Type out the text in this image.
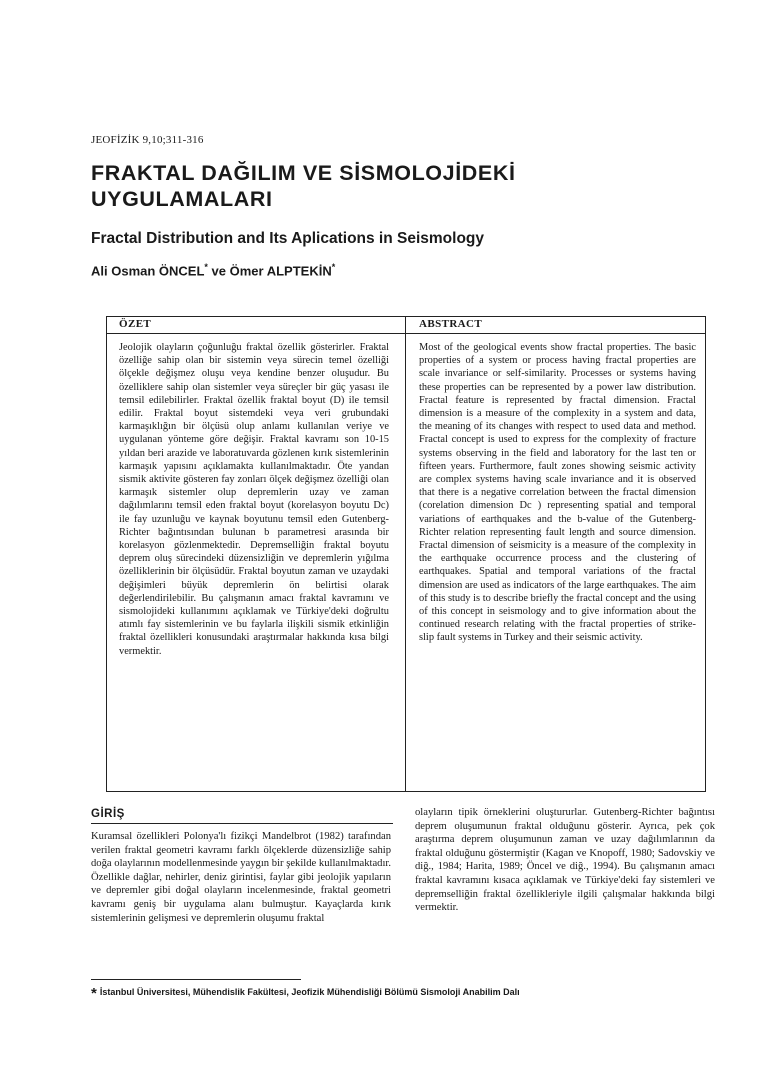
JEOFİZİK 9,10;311-316
FRAKTAL DAĞILIM VE SİSMOLOJİDEKİ UYGULAMALARI
Fractal Distribution and Its Aplications in Seismology
Ali Osman ÖNCEL* ve Ömer ALPTEKİN*
ÖZET

Jeolojik olayların çoğunluğu fraktal özellik gösterirler. Fraktal özelliğe sahip olan bir sistemin veya sürecin temel özelliği ölçekle değişmez oluşu veya kendine benzer oluşudur. Bu özelliklere sahip olan sistemler veya süreçler bir güç yasası ile temsil edilebilirler. Fraktal özellik fraktal boyut (D) ile temsil edilir. Fraktal boyut sistemdeki veya veri grubundaki karmaşıklığın bir ölçüsü olup anlamı kullanılan veriye ve uygulanan yönteme göre değişir. Fraktal kavramı son 10-15 yıldan beri arazide ve laboratuvarda gözlenen kırık sistemlerinin karmaşık yapısını açıklamakta kullanılmaktadır. Öte yandan sismik aktivite gösteren fay zonları ölçek değişmez özelliği olan karmaşık sistemler olup depremlerin uzay ve zaman dağılımlarını temsil eden fraktal boyut (korelasyon boyutu Dc) ile fay uzunluğu ve kaynak boyutunu temsil eden Gutenberg-Richter bağıntısından bulunan b parametresi arasında bir korelasyon gözlenmektedir. Depremselliğin fraktal boyutu deprem oluş sürecindeki düzensizliğin ve depremlerin yığılma özelliklerinin bir ölçüsüdür. Fraktal boyutun zaman ve uzaydaki değişimleri büyük depremlerin ön belirtisi olarak değerlendirilebilir. Bu çalışmanın amacı fraktal kavramını ve sismolojideki kullanımını açıklamak ve Türkiye'deki doğrultu atımlı fay sistemlerinin ve bu faylarla ilişkili sismik etkinliğin fraktal özellikleri konusundaki araştırmalar hakkında kısa bilgi vermektir.

ABSTRACT

Most of the geological events show fractal properties. The basic properties of a system or process having fractal properties are scale invariance or self-similarity. Processes or systems having these properties can be represented by a power law distribution. Fractal feature is represented by fractal dimension. Fractal dimension is a measure of the complexity in a system and data, the meaning of its changes with respect to used data and method. Fractal concept is used to express for the complexity of fracture systems observing in the field and laboratory for the last ten or fifteen years. Furthermore, fault zones showing seismic activity are complex systems having scale invariance and it is observed that there is a negative correlation between the fractal dimension (corelation dimension Dc ) representing spatial and temporal variations of earthquakes and the b-value of the Gutenberg-Richter relation representing fault length and source dimension. Fractal dimension of seismicity is a measure of the complexity in the earthquake occurrence process and the clustering of earthquakes. Spatial and temporal variations of the fractal dimension are used as indicators of the large earthquakes. The aim of this study is to describe briefly the fractal concept and the using of this concept in seismology and to give information about the continued research relating with the fractal properties of strike-slip fault systems in Turkey and their seismic activity.

GİRİŞ

Kuramsal özellikleri Polonya'lı fizikçi Mandelbrot (1982) tarafından verilen fraktal geometri kavramı farklı ölçeklerde düzensizliğe sahip doğa olaylarının modellenmesinde yaygın bir şekilde kullanılmaktadır. Özellikle dağlar, nehirler, deniz girintisi, faylar gibi jeolojik yapıların ve depremler gibi doğal olayların incelenmesinde, fraktal geometri kavramı geniş bir uygulama alanı bulmuştur. Kayaçlarda kırık sistemlerinin gelişmesi ve depremlerin oluşumu fraktal

olayların tipik örneklerini oluştururlar. Gutenberg-Richter bağıntısı deprem oluşumunun fraktal olduğunu gösterir. Ayrıca, pek çok araştırma deprem oluşumunun zaman ve uzay dağılımlarının da fraktal olduğunu göstermiştir (Kagan ve Knopoff, 1980; Sadovskiy ve diğ., 1984; Harita, 1989; Öncel ve diğ., 1994). Bu çalışmanın amacı fraktal kavramını kısaca açıklamak ve Türkiye'deki fay sistemleri ve depremselliğin fraktal özellikleriyle ilgili çalışmalar hakkında bilgi vermektir.

* İstanbul Üniversitesi, Mühendislik Fakültesi, Jeofizik Mühendisliği Bölümü Sismoloji Anabilim Dalı
